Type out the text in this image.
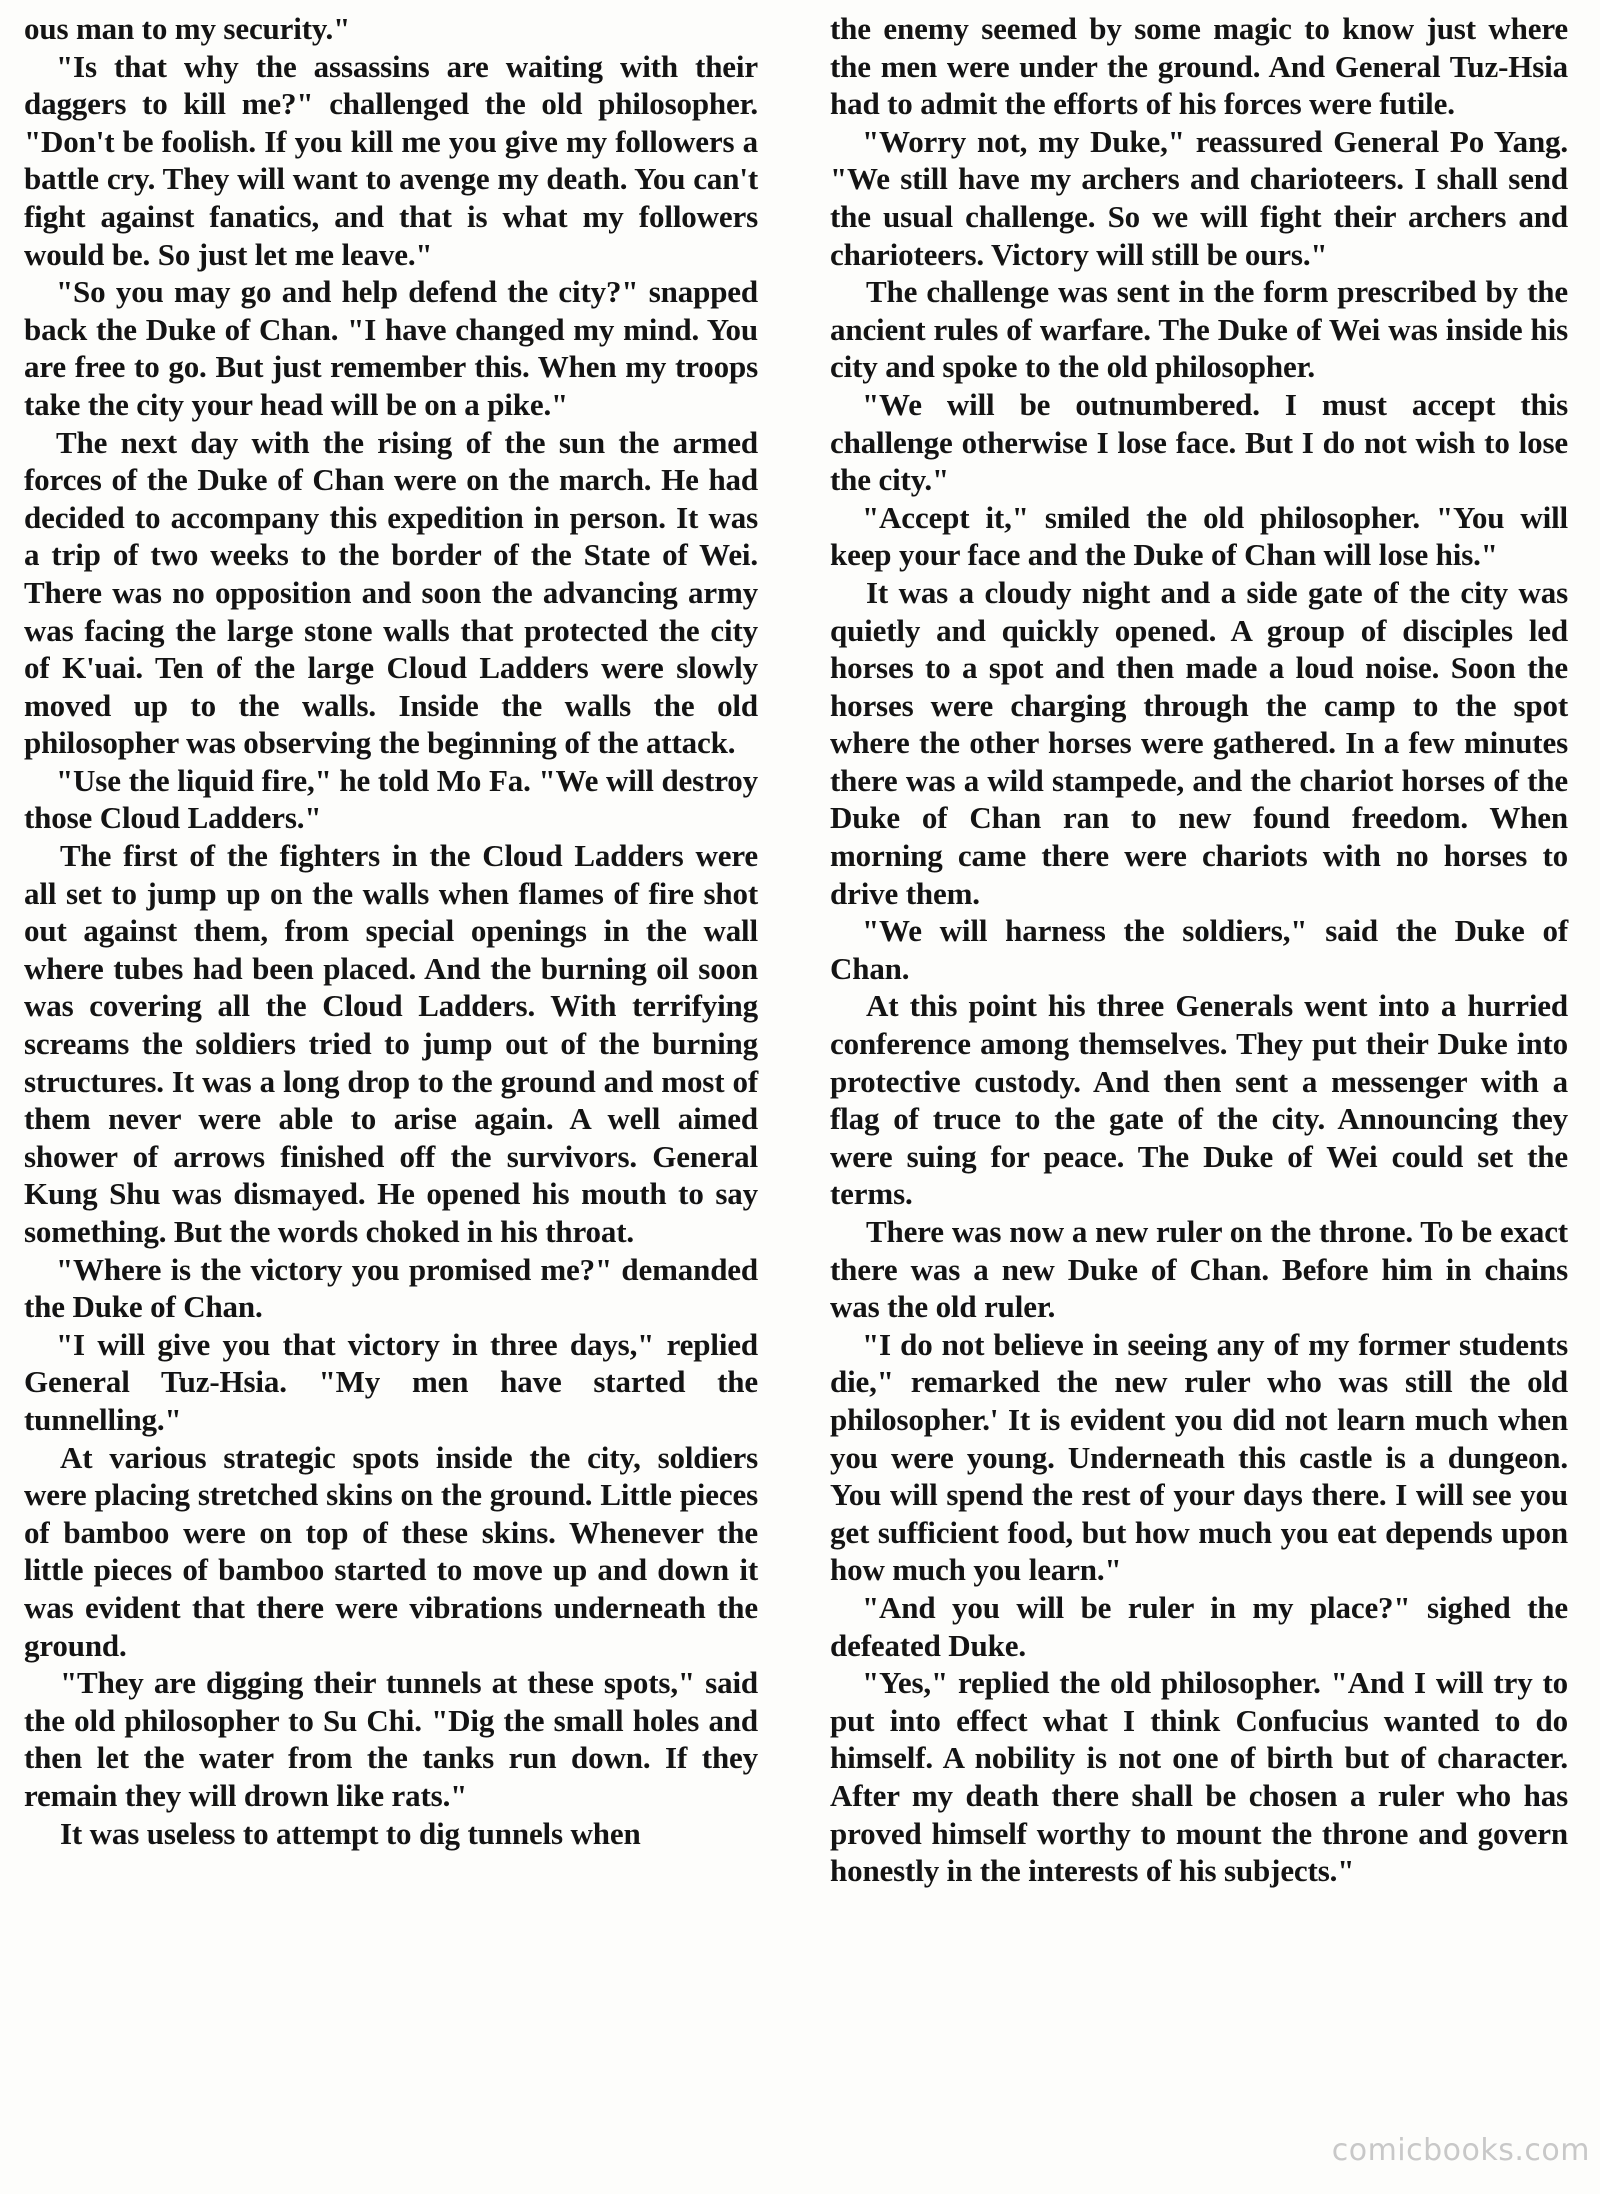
ous man to my security."

"Is that why the assassins are waiting with their daggers to kill me?" challenged the old philosopher. "Don't be foolish. If you kill me you give my followers a battle cry. They will want to avenge my death. You can't fight against fanatics, and that is what my followers would be. So just let me leave."

"So you may go and help defend the city?" snapped back the Duke of Chan. "I have changed my mind. You are free to go. But just remember this. When my troops take the city your head will be on a pike."

The next day with the rising of the sun the armed forces of the Duke of Chan were on the march. He had decided to accompany this expedition in person. It was a trip of two weeks to the border of the State of Wei. There was no opposition and soon the advancing army was facing the large stone walls that protected the city of K'uai. Ten of the large Cloud Ladders were slowly moved up to the walls. Inside the walls the old philosopher was observing the beginning of the attack.

"Use the liquid fire," he told Mo Fa. "We will destroy those Cloud Ladders."

The first of the fighters in the Cloud Ladders were all set to jump up on the walls when flames of fire shot out against them, from special openings in the wall where tubes had been placed. And the burning oil soon was covering all the Cloud Ladders. With terrifying screams the soldiers tried to jump out of the burning structures. It was a long drop to the ground and most of them never were able to arise again. A well aimed shower of arrows finished off the survivors. General Kung Shu was dismayed. He opened his mouth to say something. But the words choked in his throat.

"Where is the victory you promised me?" demanded the Duke of Chan.

"I will give you that victory in three days," replied General Tuz-Hsia. "My men have started the tunnelling."

At various strategic spots inside the city, soldiers were placing stretched skins on the ground. Little pieces of bamboo were on top of these skins. Whenever the little pieces of bamboo started to move up and down it was evident that there were vibrations underneath the ground.

"They are digging their tunnels at these spots," said the old philosopher to Su Chi. "Dig the small holes and then let the water from the tanks run down. If they remain they will drown like rats."

It was useless to attempt to dig tunnels when

the enemy seemed by some magic to know just where the men were under the ground. And General Tuz-Hsia had to admit the efforts of his forces were futile.

"Worry not, my Duke," reassured General Po Yang. "We still have my archers and charioteers. I shall send the usual challenge. So we will fight their archers and charioteers. Victory will still be ours."

The challenge was sent in the form prescribed by the ancient rules of warfare. The Duke of Wei was inside his city and spoke to the old philosopher.

"We will be outnumbered. I must accept this challenge otherwise I lose face. But I do not wish to lose the city."

"Accept it," smiled the old philosopher. "You will keep your face and the Duke of Chan will lose his."

It was a cloudy night and a side gate of the city was quietly and quickly opened. A group of disciples led horses to a spot and then made a loud noise. Soon the horses were charging through the camp to the spot where the other horses were gathered. In a few minutes there was a wild stampede, and the chariot horses of the Duke of Chan ran to new found freedom. When morning came there were chariots with no horses to drive them.

"We will harness the soldiers," said the Duke of Chan.

At this point his three Generals went into a hurried conference among themselves. They put their Duke into protective custody. And then sent a messenger with a flag of truce to the gate of the city. Announcing they were suing for peace. The Duke of Wei could set the terms.

There was now a new ruler on the throne. To be exact there was a new Duke of Chan. Before him in chains was the old ruler.

"I do not believe in seeing any of my former students die," remarked the new ruler who was still the old philosopher.' It is evident you did not learn much when you were young. Underneath this castle is a dungeon. You will spend the rest of your days there. I will see you get sufficient food, but how much you eat depends upon how much you learn."

"And you will be ruler in my place?" sighed the defeated Duke.

"Yes," replied the old philosopher. "And I will try to put into effect what I think Confucius wanted to do himself. A nobility is not one of birth but of character. After my death there shall be chosen a ruler who has proved himself worthy to mount the throne and govern honestly in the interests of his subjects."

comicbooks.com
